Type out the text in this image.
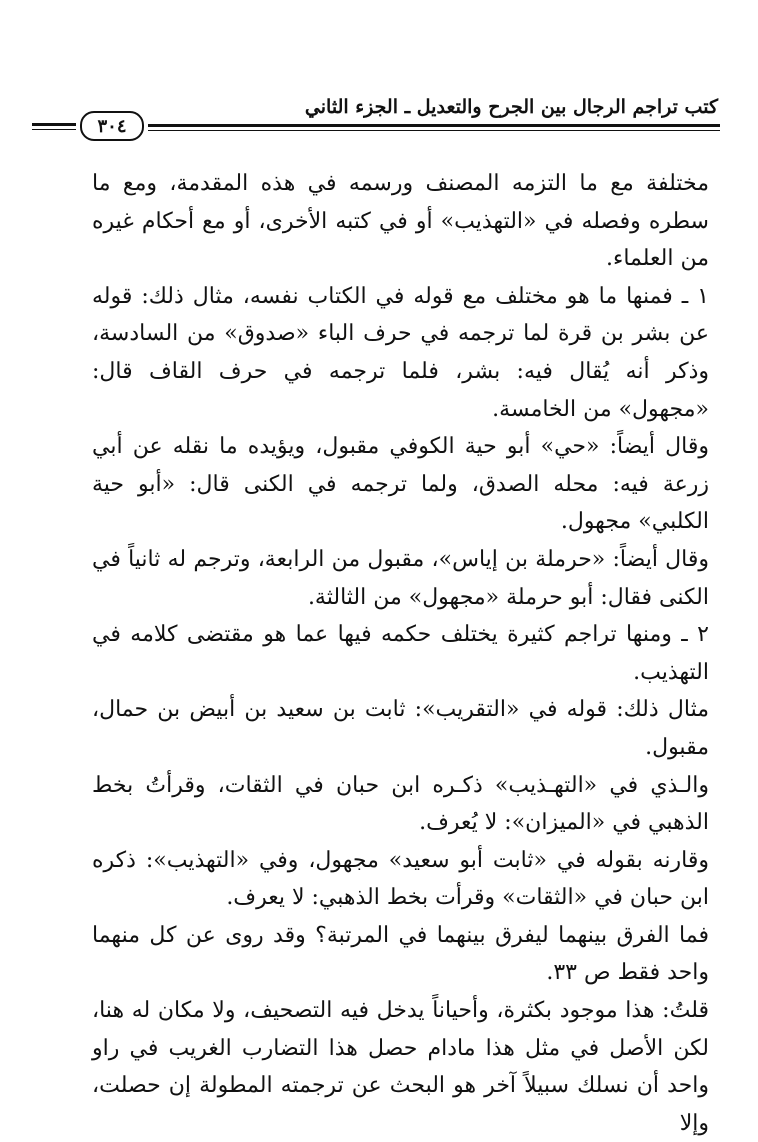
كتب تراجم الرجال بين الجرح والتعديل ـ الجزء الثاني
٣٠٤

مختلفة مع ما التزمه المصنف ورسمه في هذه المقدمة، ومع ما سطره وفصله في «التهذيب» أو في كتبه الأخرى، أو مع أحكام غيره من العلماء.

١ ـ فمنها ما هو مختلف مع قوله في الكتاب نفسه، مثال ذلك: قوله عن بشر بن قرة لما ترجمه في حرف الباء «صدوق» من السادسة، وذكر أنه يُقال فيه: بشر، فلما ترجمه في حرف القاف قال: «مجهول» من الخامسة.

وقال أيضاً: «حي» أبو حية الكوفي مقبول، ويؤيده ما نقله عن أبي زرعة فيه: محله الصدق، ولما ترجمه في الكنى قال: «أبو حية الكلبي» مجهول.

وقال أيضاً: «حرملة بن إياس»، مقبول من الرابعة، وترجم له ثانياً في الكنى فقال: أبو حرملة «مجهول» من الثالثة.

٢ ـ ومنها تراجم كثيرة يختلف حكمه فيها عما هو مقتضى كلامه في التهذيب.

مثال ذلك: قوله في «التقريب»: ثابت بن سعيد بن أبيض بن حمال، مقبول.

والـذي في «التهـذيب» ذكـره ابن حبان في الثقات، وقرأتُ بخط الذهبي في «الميزان»: لا يُعرف.

وقارنه بقوله في «ثابت أبو سعيد» مجهول، وفي «التهذيب»: ذكره ابن حبان في «الثقات» وقرأت بخط الذهبي: لا يعرف.

فما الفرق بينهما ليفرق بينهما في المرتبة؟ وقد روى عن كل منهما واحد فقط ص ٣٣.

قلتُ: هذا موجود بكثرة، وأحياناً يدخل فيه التصحيف، ولا مكان له هنا، لكن الأصل في مثل هذا مادام حصل هذا التضارب الغريب في راو واحد أن نسلك سبيلاً آخر هو البحث عن ترجمته المطولة إن حصلت، وإلا
